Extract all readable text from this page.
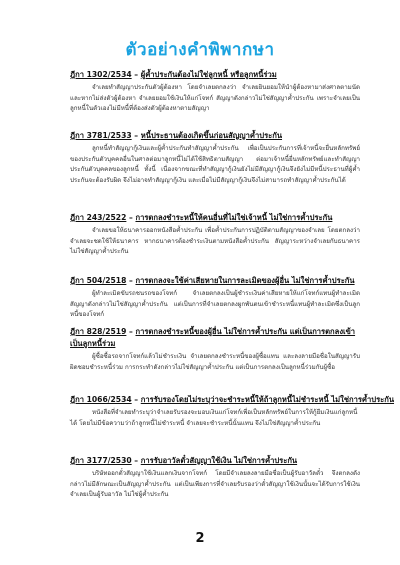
ตัวอย่างคำพิพากษา
ฎีกา 1302/2534 – ผู้ค้ำประกันต้องไม่ใช่ลูกหนี้ หรือลูกหนี้ร่วม
จำเลยทำสัญญาประกันตัวผู้ต้องหา โดยจำเลยตกลงว่า จำเลยยินยอมให้นำผู้ต้องหามาส่งศาลตามนัด และหากไม่ส่งตัวผู้ต้องหา จำเลยยอมใช้เงินให้แก่โจทก์ สัญญาดังกล่าวไม่ใช่สัญญาค้ำประกัน เพราะจำเลยเป็นลูกหนี้ในตัวเองไม่มีหนี้ที่ต้องส่งตัวผู้ต้องหาตามสัญญา
ฎีกา 3781/2533 – หนี้ประธานต้องเกิดขึ้นก่อนสัญญาค้ำประกัน
ลูกหนี้ทำสัญญากู้เงินและผู้ค้ำประกันทำสัญญาค้ำประกัน เพื่อเป็นประกันการที่เจ้าหนี้จะยื่นหลักทรัพย์ของประกันตัวบุคคลอื่นในศาลต่อมาลูกหนี้ไม่ได้ใช้สิทธิตามสัญญา ต่อมาเจ้าหนี้ยื่นหลักทรัพย์และทำสัญญาประกันตัวบุคคลของลูกหนี้ ทั้งนี้ เนื่องจากขณะที่ทำสัญญากู้เงินยังไม่มีสัญญากู้เงินจึงยังไม่มีหนี้ประธานที่ผู้ค้ำประกันจะต้องรับผิด จึงไม่อาจทำสัญญากู้เงิน และเมื่อไม่มีสัญญากู้เงินจึงไม่สามารถทำสัญญาค้ำประกันได้
ฎีกา 243/2522 – การตกลงชำระหนี้ให้คนอื่นที่ไม่ใช่เจ้าหนี้ ไม่ใช่การค้ำประกัน
จำเลยขอให้ธนาคารออกหนังสือค้ำประกัน เพื่อค้ำประกันการปฏิบัติตามสัญญาของจำเลย โดยตกลงว่าจำเลยจะชดใช้ให้ธนาคาร หากธนาคารต้องชำระเงินตามหนังสือค้ำประกัน สัญญาระหว่างจำเลยกับธนาคารไม่ใช่สัญญาค้ำประกัน
ฎีกา 504/2518 – การตกลงจะใช้ค่าเสียหายในการละเมิดของผู้อื่น ไม่ใช่การค้ำประกัน
ผู้ทำละเมิดขับรถชนรถของโจทก์ จำเลยตกลงเป็นผู้ชำระเงินค่าเสียหายให้แก่โจทก์แทนผู้ทำละเมิด สัญญาดังกล่าวไม่ใช่สัญญาค้ำประกัน แต่เป็นการที่จำเลยตกลงผูกพันตนเข้าชำระหนี้แทนผู้ทำละเมิดซึ่งเป็นลูกหนี้ของโจทก์
ฎีกา 828/2519 – การตกลงชำระหนี้ของผู้อื่น ไม่ใช่การค้ำประกัน แต่เป็นการตกลงเข้าเป็นลูกหนี้ร่วม
ผู้ซื้อซื้อรถจากโจทก์แล้วไม่ชำระเงิน จำเลยตกลงชำระหนี้ของผู้ซื้อแทน และลงลายมือชื่อในสัญญารับผิดชอบชำระหนี้ร่วม การกระทำดังกล่าวไม่ใช่สัญญาค้ำประกัน แต่เป็นการตกลงเป็นลูกหนี้ร่วมกับผู้ซื้อ
ฎีกา 1066/2534 – การรับรองโดยไม่ระบุว่าจะชำระหนี้ให้ถ้าลูกหนี้ไม่ชำระหนี้ ไม่ใช่การค้ำประกัน
หนังสือที่จำเลยทำระบุว่าจำเลยรับรองจะมอบเงินแก่โจทก์เพื่อเป็นหลักทรัพย์ในการให้กู้ยืมเงินแก่ลูกหนี้ได้ โดยไม่มีข้อความว่าถ้าลูกหนี้ไม่ชำระหนี้ จำเลยจะชำระหนี้นั้นแทน จึงไม่ใช่สัญญาค้ำประกัน
ฎีกา 3177/2530 – การรับอาวัลตั๋วสัญญาใช้เงิน ไม่ใช่การค้ำประกัน
บริษัทออกตั๋วสัญญาใช้เงินแลกเงินจากโจทก์ โดยมีจำเลยลงลายมือชื่อเป็นผู้รับอาวัลตั๋ว จึงตกลงดังกล่าวไม่มีลักษณะเป็นสัญญาค้ำประกัน แต่เป็นเพียงการที่จำเลยรับรองว่าตั๋วสัญญาใช้เงินนั้นจะได้รับการใช้เงิน จำเลยเป็นผู้รับอาวัล ไม่ใช่ผู้ค้ำประกัน
2
